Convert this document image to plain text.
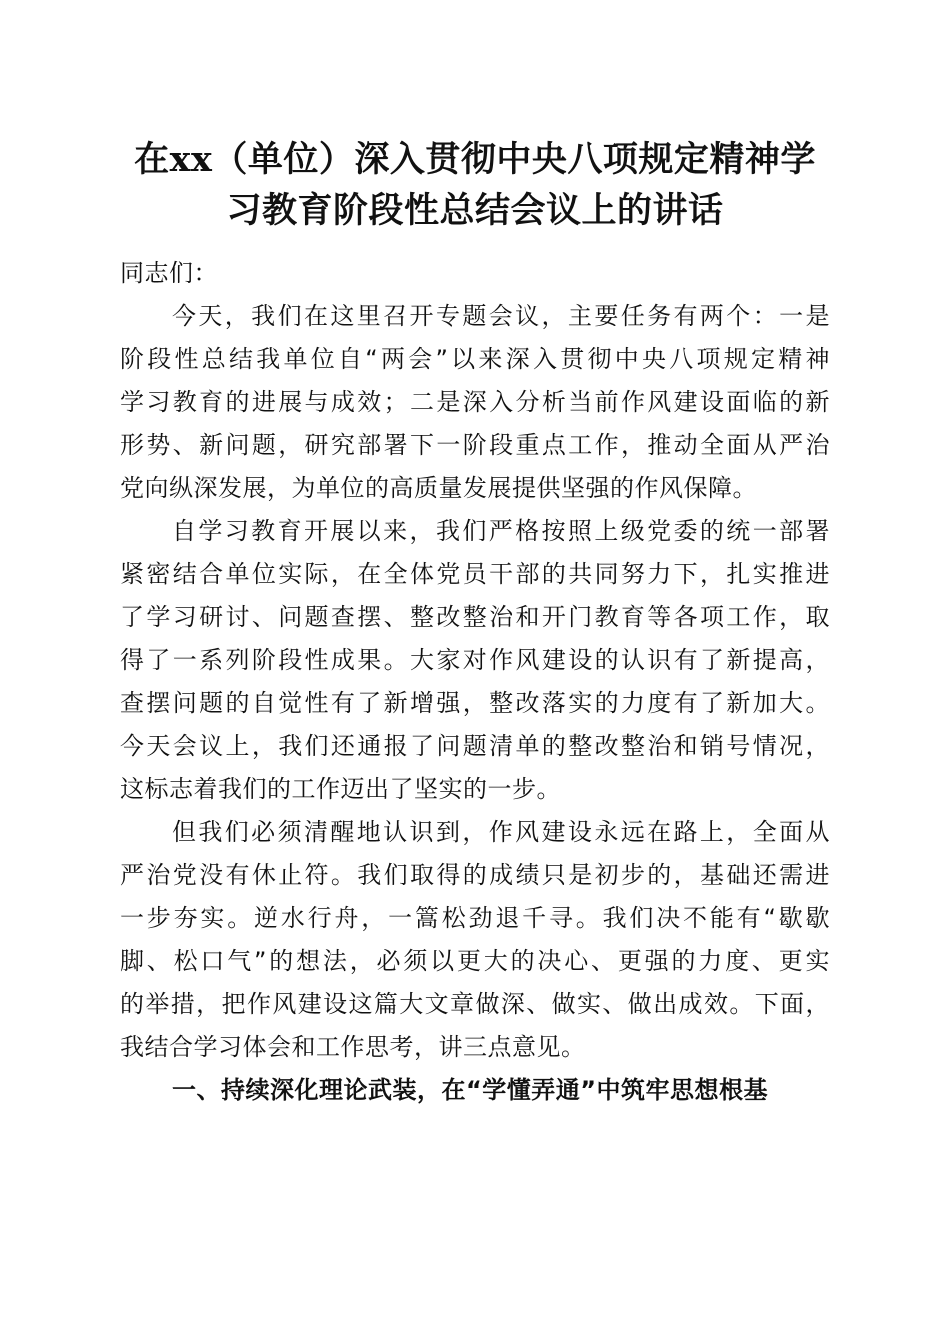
在xx（单位）深入贯彻中央八项规定精神学
习教育阶段性总结会议上的讲话

同志们：

今天，我们在这里召开专题会议，主要任务有两个：一是
阶段性总结我单位自“两会”以来深入贯彻中央八项规定精神
学习教育的进展与成效；二是深入分析当前作风建设面临的新
形势、新问题，研究部署下一阶段重点工作，推动全面从严治
党向纵深发展，为单位的高质量发展提供坚强的作风保障。

自学习教育开展以来，我们严格按照上级党委的统一部署
紧密结合单位实际，在全体党员干部的共同努力下，扎实推进
了学习研讨、问题查摆、整改整治和开门教育等各项工作，取
得了一系列阶段性成果。大家对作风建设的认识有了新提高，
查摆问题的自觉性有了新增强，整改落实的力度有了新加大。
今天会议上，我们还通报了问题清单的整改整治和销号情况，
这标志着我们的工作迈出了坚实的一步。

但我们必须清醒地认识到，作风建设永远在路上，全面从
严治党没有休止符。我们取得的成绩只是初步的，基础还需进
一步夯实。逆水行舟，一篙松劲退千寻。我们决不能有“歇歇
脚、松口气”的想法，必须以更大的决心、更强的力度、更实
的举措，把作风建设这篇大文章做深、做实、做出成效。下面，
我结合学习体会和工作思考，讲三点意见。

一、持续深化理论武装，在“学懂弄通”中筑牢思想根基
